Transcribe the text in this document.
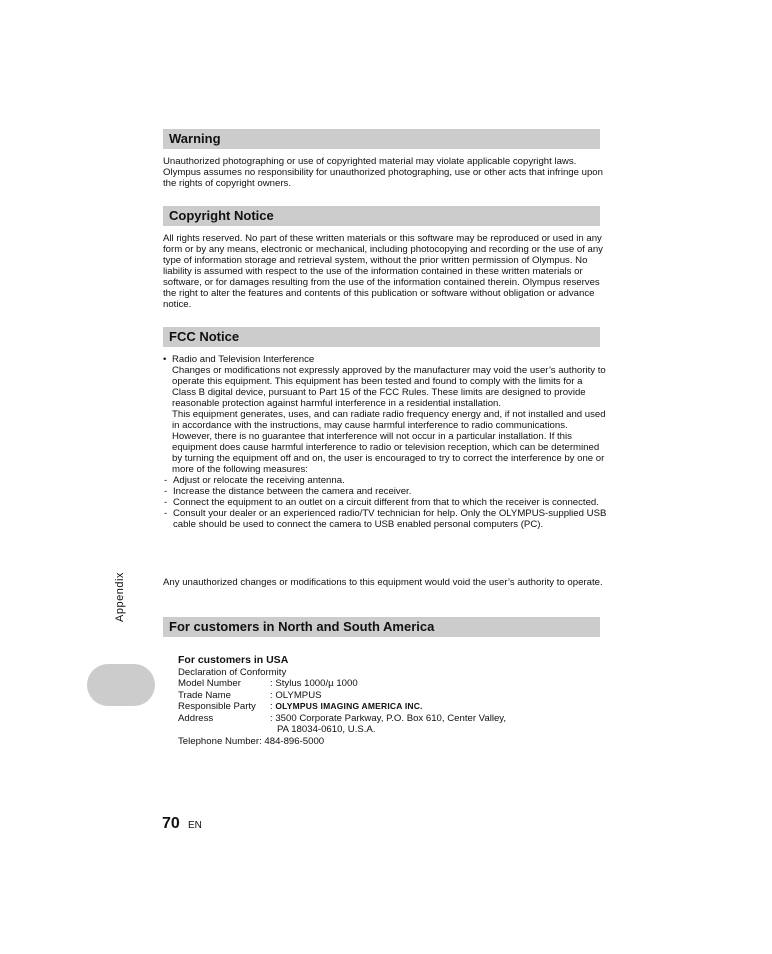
Warning

Unauthorized photographing or use of copyrighted material may violate applicable copyright laws. Olympus assumes no responsibility for unauthorized photographing, use or other acts that infringe upon the rights of copyright owners.

Copyright Notice

All rights reserved. No part of these written materials or this software may be reproduced or used in any form or by any means, electronic or mechanical, including photocopying and recording or the use of any type of information storage and retrieval system, without the prior written permission of Olympus. No liability is assumed with respect to the use of the information contained in these written materials or software, or for damages resulting from the use of the information contained therein. Olympus reserves the right to alter the features and contents of this publication or software without obligation or advance notice.

FCC Notice
• Radio and Television Interference

Changes or modifications not expressly approved by the manufacturer may void the user’s authority to operate this equipment. This equipment has been tested and found to comply with the limits for a Class B digital device, pursuant to Part 15 of the FCC Rules. These limits are designed to provide reasonable protection against harmful interference in a residential installation.

This equipment generates, uses, and can radiate radio frequency energy and, if not installed and used in accordance with the instructions, may cause harmful interference to radio communications.

However, there is no guarantee that interference will not occur in a particular installation. If this equipment does cause harmful interference to radio or television reception, which can be determined by turning the equipment off and on, the user is encouraged to try to correct the interference by one or more of the following measures:

- Adjust or relocate the receiving antenna.

- Increase the distance between the camera and receiver.

- Connect the equipment to an outlet on a circuit different from that to which the receiver is connected.

- Consult your dealer or an experienced radio/TV technician for help. Only the OLYMPUS-supplied USB cable should be used to connect the camera to USB enabled personal computers (PC).

Any unauthorized changes or modifications to this equipment would void the user’s authority to operate.

For customers in North and South America
For customers in USA
Declaration of Conformity
Model Number	: Stylus 1000/µ 1000
Trade Name	: OLYMPUS
Responsible Party : OLYMPUS IMAGING AMERICA INC.
Address	: 3500 Corporate Parkway, P.O. Box 610, Center Valley,
PA 18034-0610, U.S.A.
Telephone Number: 484-896-5000
Appendix
70 EN
